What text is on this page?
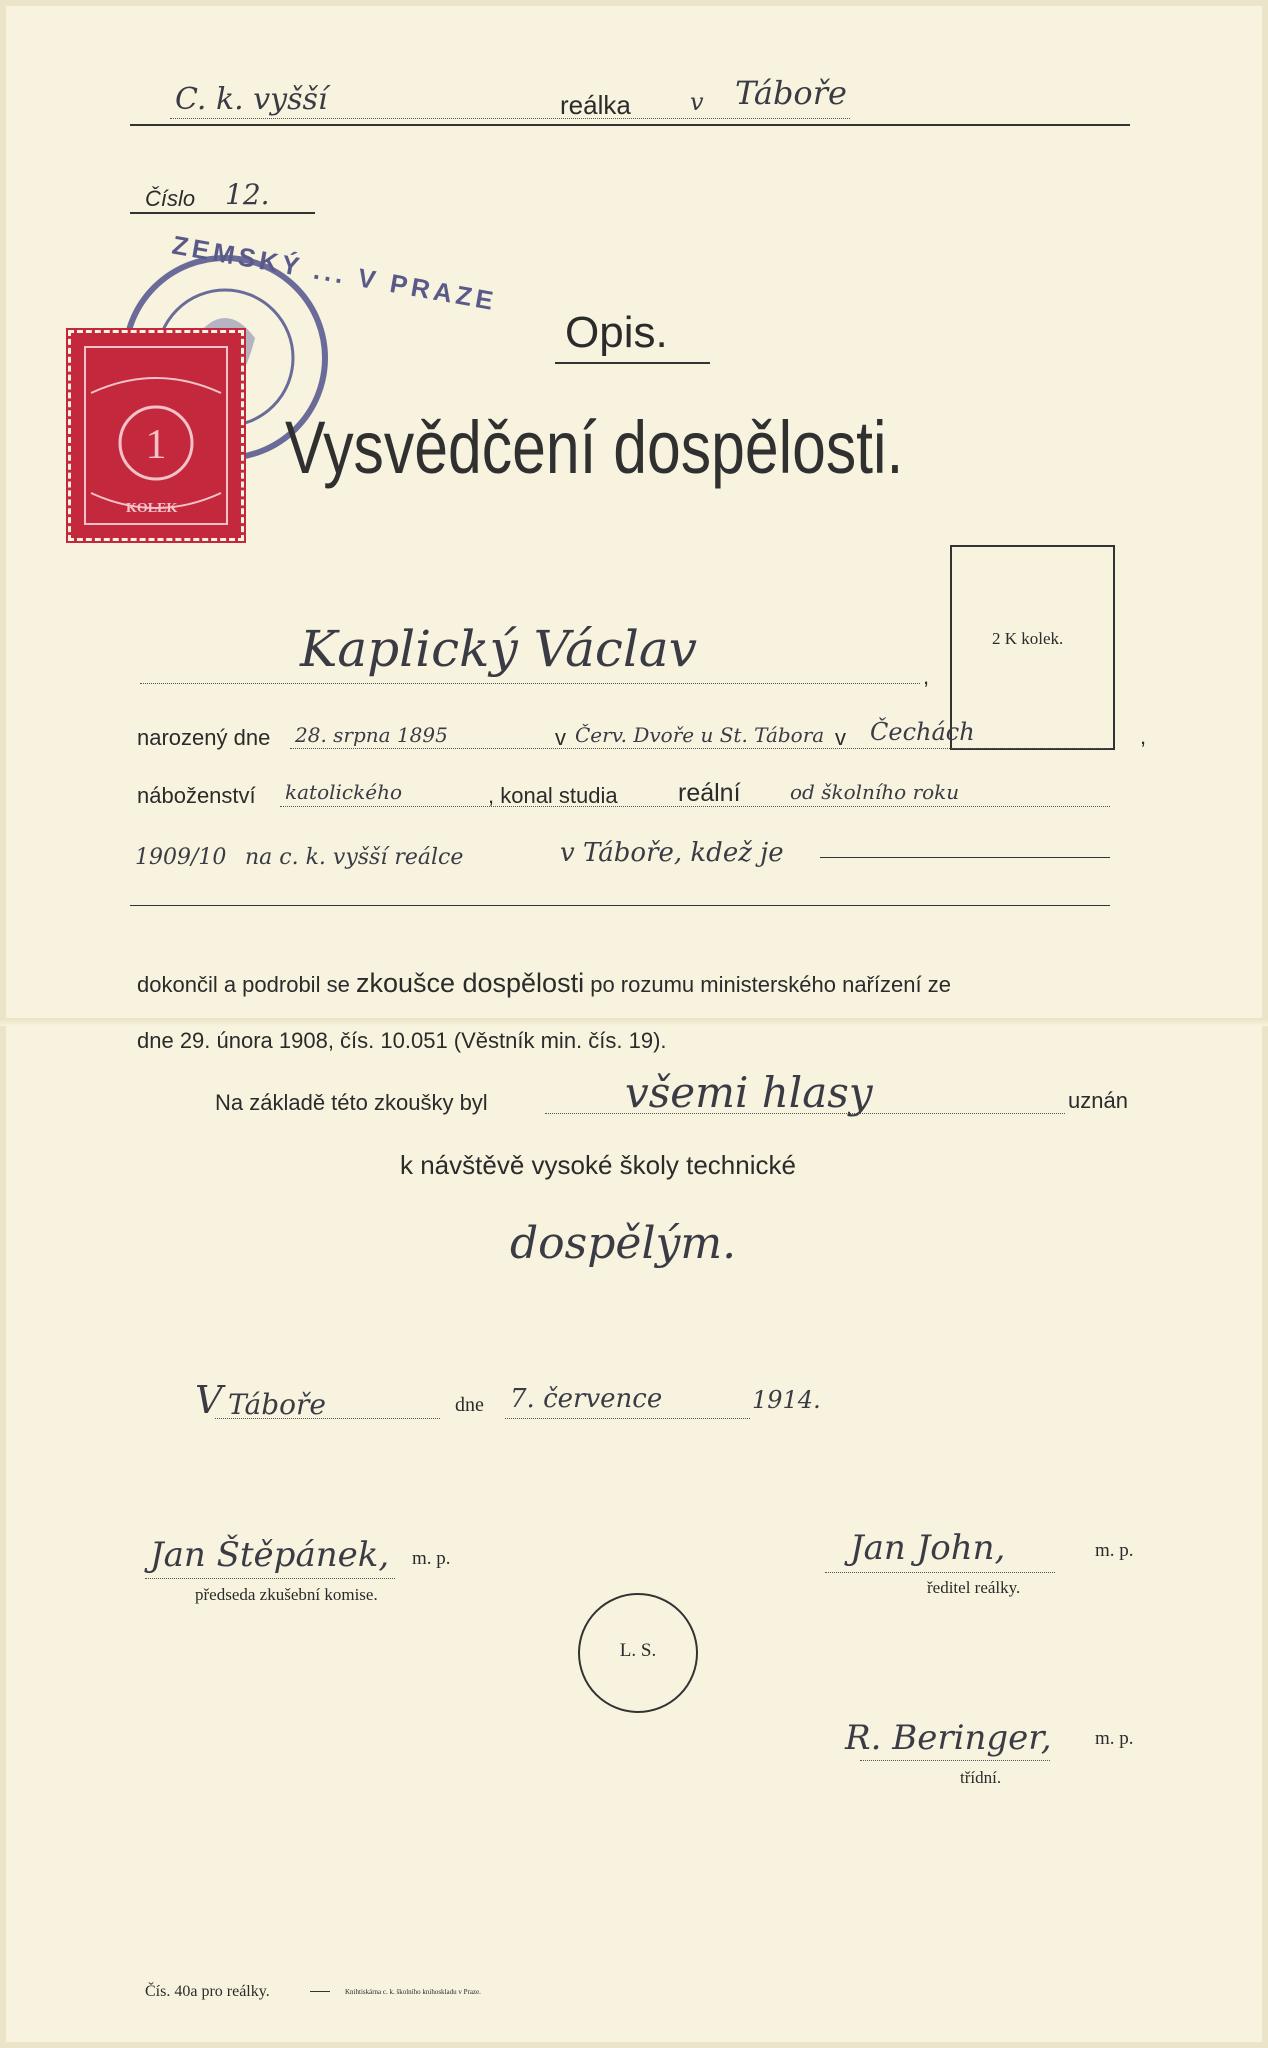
C. k. vyšší	reálka v Táboře
Číslo 12.
ZEMSKÝ ... V PRAZE
1
KOLEK
Opis.
Vysvědčení dospělosti.
2 K kolek.
Kaplický Václav	,
narozený dne 28. srpna 1895	v Červ. Dvoře u St. Tábora v Čechách	,
náboženství katolického	, konal studia reální od školního roku
1909/10 na c. k. vyšší reálce	v Táboře, kdež je
dokončil a podrobil se zkoušce dospělosti po rozumu ministerského nařízení ze
dne 29. února 1908, čís. 10.051 (Věstník min. čís. 19).
Na základě této zkoušky byl	všemi hlasy	uznán
k návštěvě vysoké školy technické
dospělým.
V Táboře	dne 7. července	1914.
Jan Štěpánek, m. p.
předseda zkušební komise.
Jan John,	m. p.
ředitel reálky.
R. Beringer, m. p.
třídní.
L. S.
Čís. 40a pro reálky.	Knihtiskárna c. k. školního knihoskladu v Praze.
